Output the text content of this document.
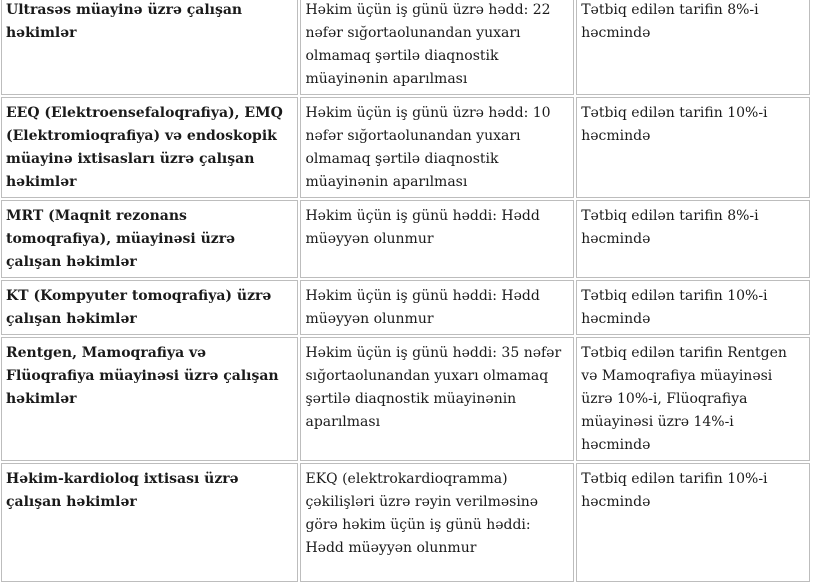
Ultrasəs müayinə üzrə çalışan həkimlər	Həkim üçün iş günü üzrə hədd: 22 nəfər sığortaolunandan yuxarı olmamaq şərtilə diaqnostik müayinənin aparılması	Tətbiq edilən tarifin 8%-i həcmində
EEQ (Elektroensefaloqrafiya), EMQ (Elektromioqrafiya) və endoskopik müayinə ixtisasları üzrə çalışan həkimlər	Həkim üçün iş günü üzrə hədd: 10 nəfər sığortaolunandan yuxarı olmamaq şərtilə diaqnostik müayinənin aparılması	Tətbiq edilən tarifin 10%-i həcmində
MRT (Maqnit rezonans tomoqrafiya), müayinəsi üzrə çalışan həkimlər	Həkim üçün iş günü həddi: Hədd müəyyən olunmur	Tətbiq edilən tarifin 8%-i həcmində
KT (Kompyuter tomoqrafiya) üzrə çalışan həkimlər	Həkim üçün iş günü həddi: Hədd müəyyən olunmur	Tətbiq edilən tarifin 10%-i həcmində
Rentgen, Mamoqrafiya və Flüoqrafiya müayinəsi üzrə çalışan həkimlər	Həkim üçün iş günü həddi: 35 nəfər sığortaolunandan yuxarı olmamaq şərtilə diaqnostik müayinənin aparılması	Tətbiq edilən tarifin Rentgen və Mamoqrafiya müayinəsi üzrə 10%-i, Flüoqrafiya müayinəsi üzrə 14%-i həcmində
Həkim-kardioloq ixtisası üzrə çalışan həkimlər	EKQ (elektrokardioqramma) çəkilişləri üzrə rəyin verilməsinə görə həkim üçün iş günü həddi: Hədd müəyyən olunmur	Tətbiq edilən tarifin 10%-i həcmində
